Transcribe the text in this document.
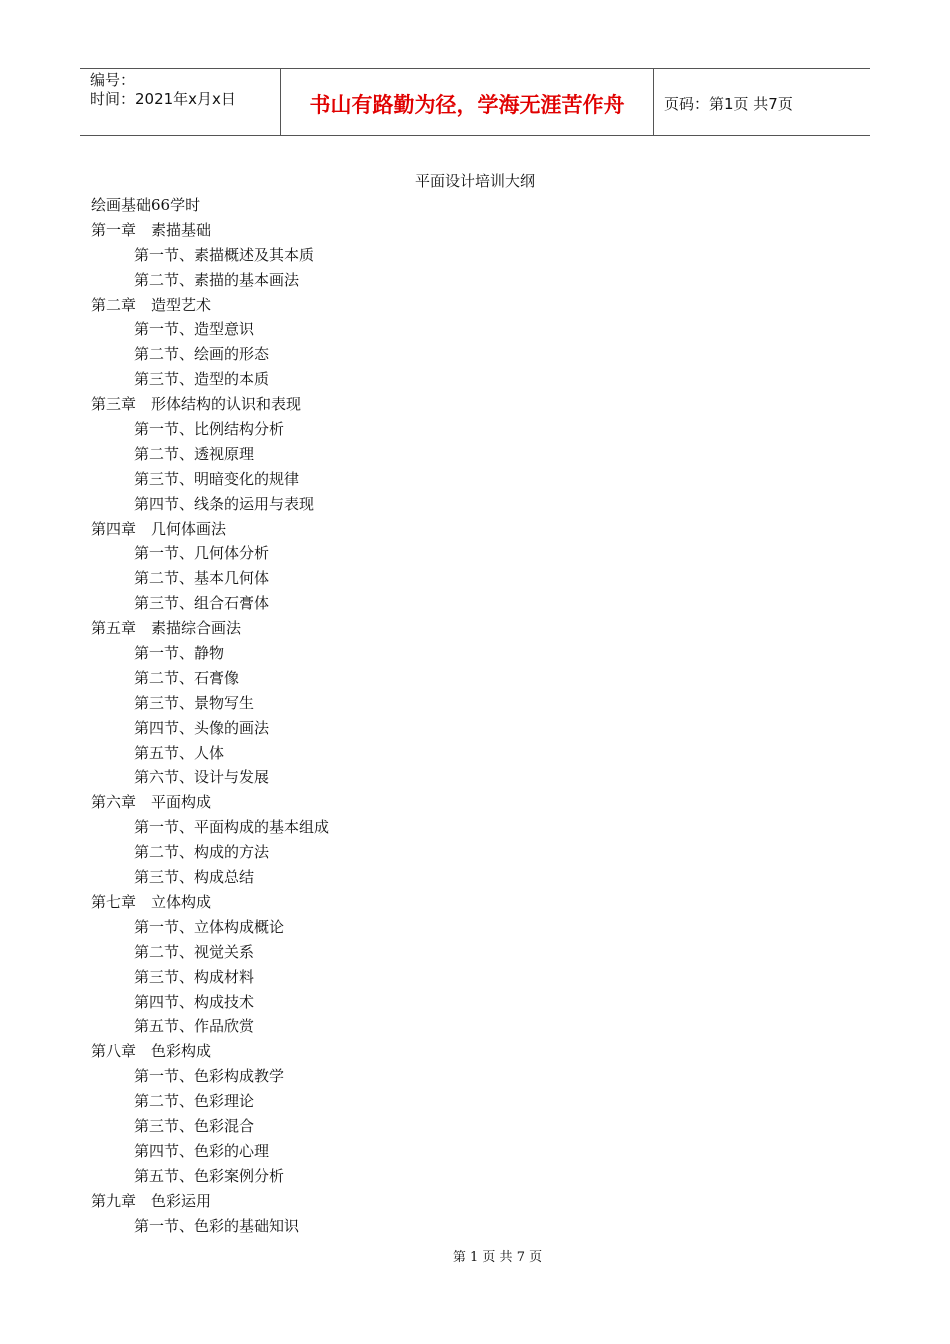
编号：
时间：2021年x月x日	书山有路勤为径，学海无涯苦作舟	页码：第1页 共7页
平面设计培训大纲
绘画基础66学时
第一章　素描基础
第一节、素描概述及其本质
第二节、素描的基本画法
第二章　造型艺术
第一节、造型意识
第二节、绘画的形态
第三节、造型的本质
第三章　形体结构的认识和表现
第一节、比例结构分析
第二节、透视原理
第三节、明暗变化的规律
第四节、线条的运用与表现
第四章　几何体画法
第一节、几何体分析
第二节、基本几何体
第三节、组合石膏体
第五章　素描综合画法
第一节、静物
第二节、石膏像
第三节、景物写生
第四节、头像的画法
第五节、人体
第六节、设计与发展
第六章　平面构成
第一节、平面构成的基本组成
第二节、构成的方法
第三节、构成总结
第七章　立体构成
第一节、立体构成概论
第二节、视觉关系
第三节、构成材料
第四节、构成技术
第五节、作品欣赏
第八章　色彩构成
第一节、色彩构成教学
第二节、色彩理论
第三节、色彩混合
第四节、色彩的心理
第五节、色彩案例分析
第九章　色彩运用
第一节、色彩的基础知识
第 1 页 共 7 页
